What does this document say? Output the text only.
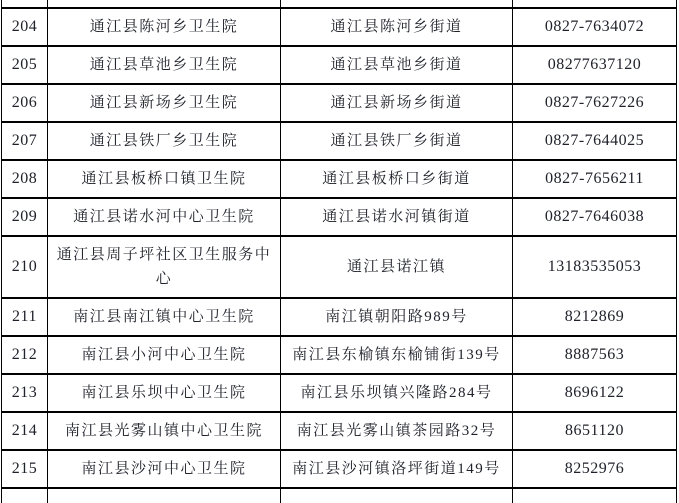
204	通江县陈河乡卫生院	通江县陈河乡街道	0827-7634072
205	通江县草池乡卫生院	通江县草池乡街道	08277637120
206	通江县新场乡卫生院	通江县新场乡街道	0827-7627226
207	通江县铁厂乡卫生院	通江县铁厂乡街道	0827-7644025
208	通江县板桥口镇卫生院	通江县板桥口乡街道	0827-7656211
209	通江县诺水河中心卫生院	通江县诺水河镇街道	0827-7646038
210	通江县周子坪社区卫生服务中心	通江县诺江镇	13183535053
211	南江县南江镇中心卫生院	南江镇朝阳路989号	8212869
212	南江县小河中心卫生院	南江县东榆镇东榆铺街139号	8887563
213	南江县乐坝中心卫生院	南江县乐坝镇兴隆路284号	8696122
214	南江县光雾山镇中心卫生院	南江县光雾山镇茶园路32号	8651120
215	南江县沙河中心卫生院	南江县沙河镇洛坪街道149号	8252976
